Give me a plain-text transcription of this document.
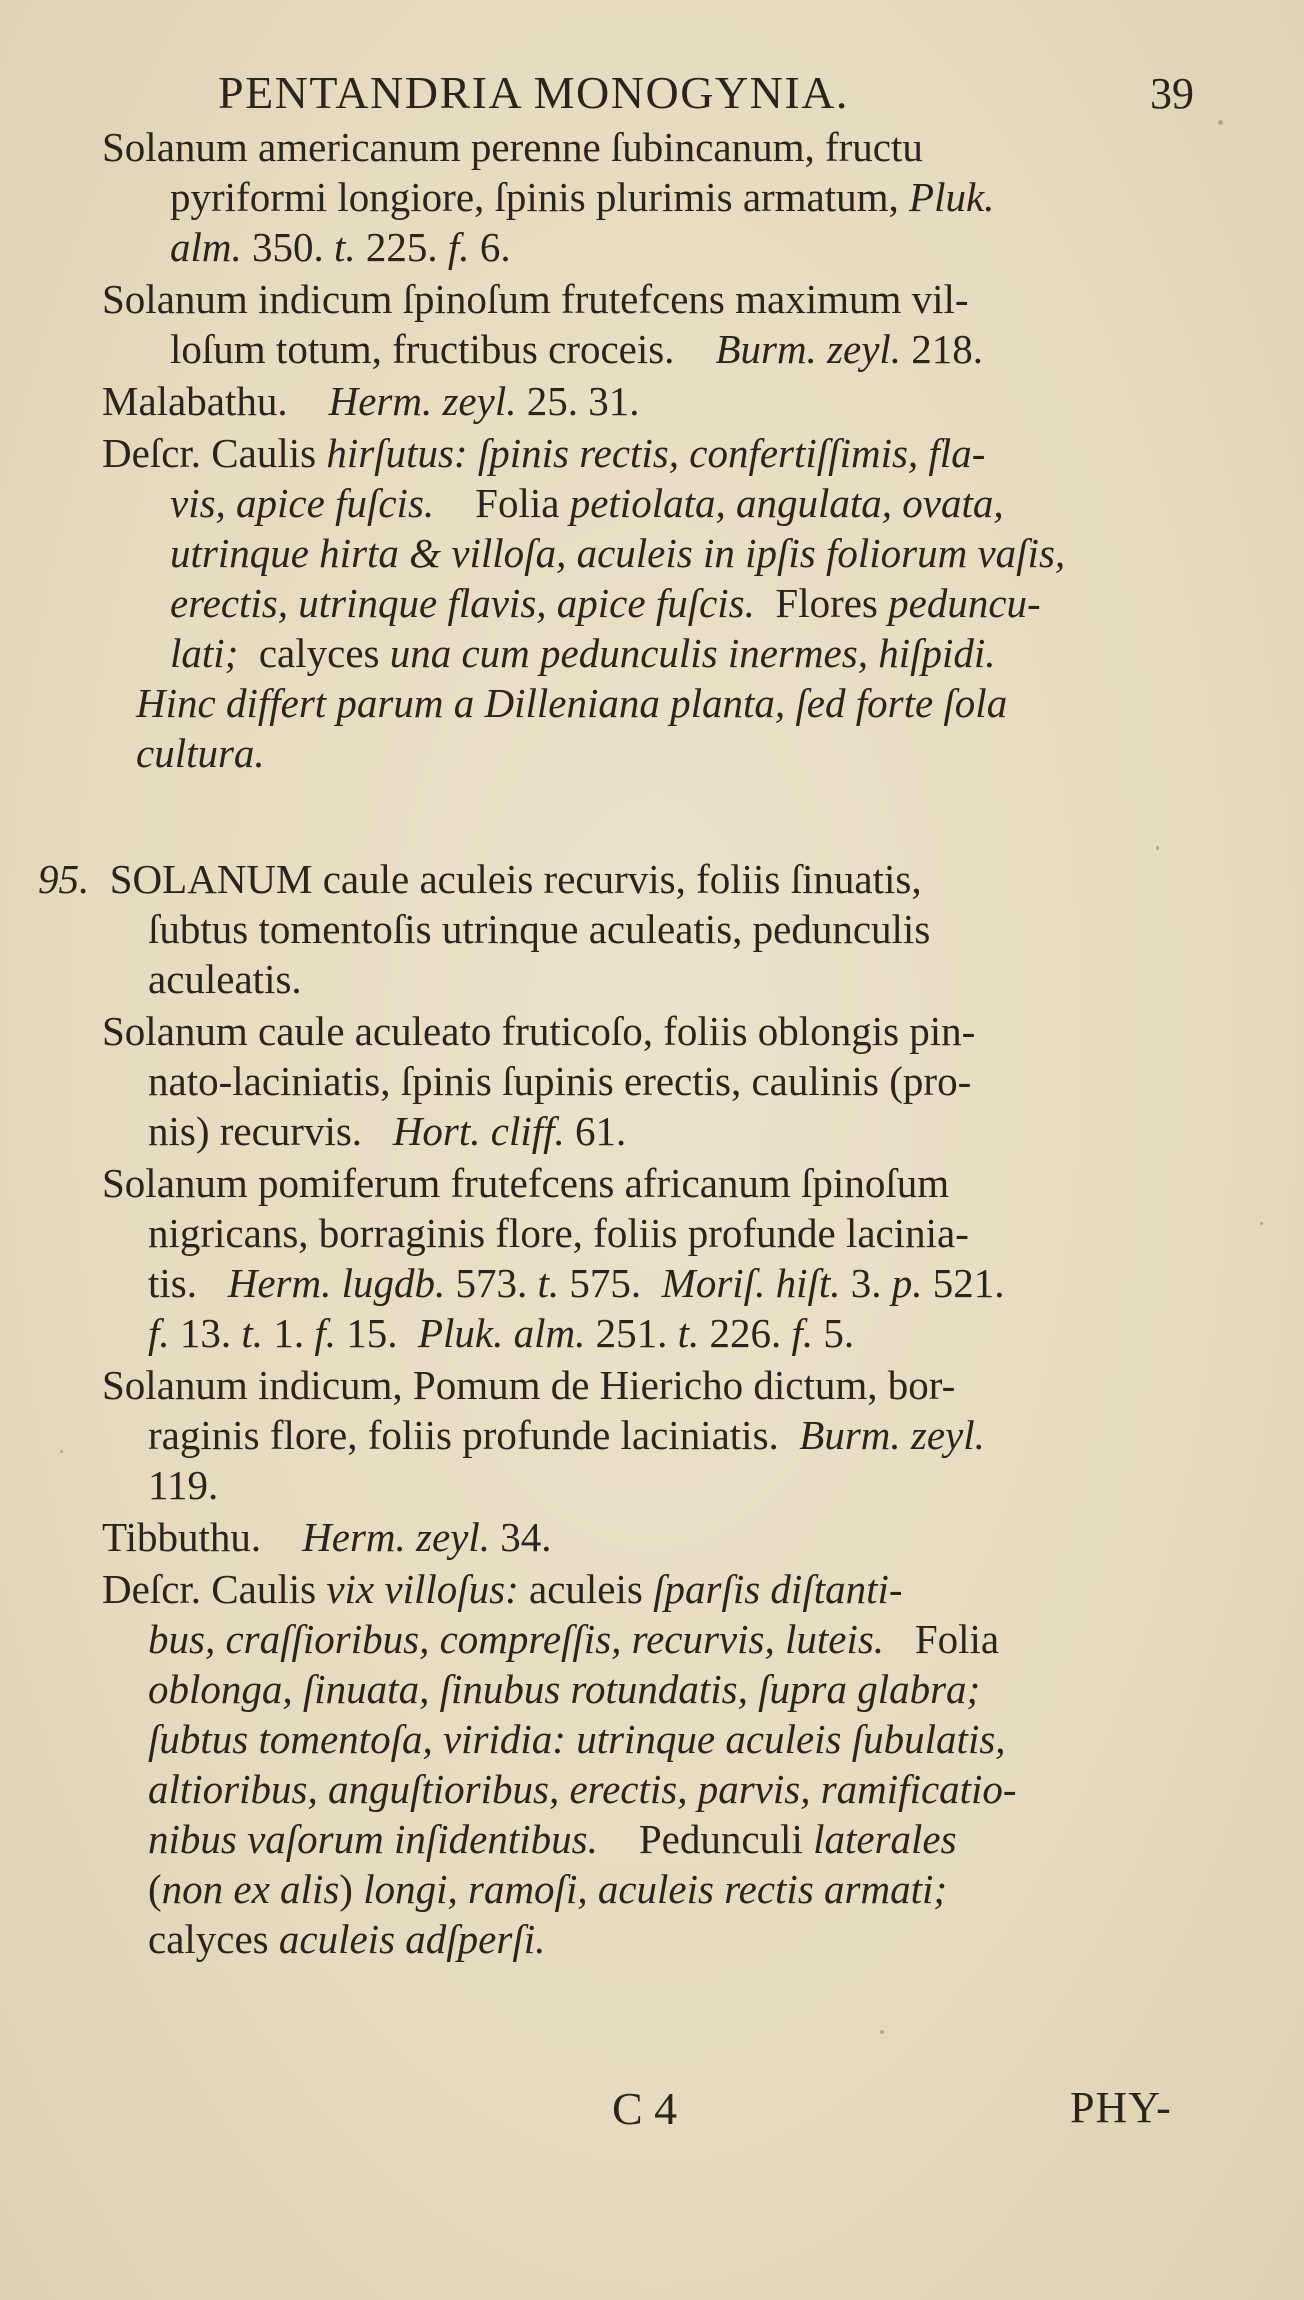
PENTANDRIA MONOGYNIA.	39
Solanum americanum perenne ſubincanum, fructu
pyriformi longiore, ſpinis plurimis armatum, Pluk.
alm. 350. t. 225. f. 6.
Solanum indicum ſpinoſum frutefcens maximum vil-
loſum totum, fructibus croceis.    Burm. zeyl. 218.
Malabathu.    Herm. zeyl. 25. 31.
Deſcr. Caulis hirſutus: ſpinis rectis, confertiſſimis, fla-
vis, apice fuſcis.    Folia petiolata, angulata, ovata,
utrinque hirta & villoſa, aculeis in ipſis foliorum vaſis,
erectis, utrinque flavis, apice fuſcis.  Flores peduncu-
lati;  calyces una cum pedunculis inermes, hiſpidi.
Hinc differt parum a Dilleniana planta, ſed forte ſola
cultura.
95.  SOLANUM caule aculeis recurvis, foliis ſinuatis,
ſubtus tomentoſis utrinque aculeatis, pedunculis
aculeatis.
Solanum caule aculeato fruticoſo, foliis oblongis pin-
nato-laciniatis, ſpinis ſupinis erectis, caulinis (pro-
nis) recurvis.   Hort. cliff. 61.
Solanum pomiferum frutefcens africanum ſpinoſum
nigricans, borraginis flore, foliis profunde lacinia-
tis.   Herm. lugdb. 573. t. 575.  Moriſ. hiſt. 3. p. 521.
f. 13. t. 1. f. 15.  Pluk. alm. 251. t. 226. f. 5.
Solanum indicum, Pomum de Hiericho dictum, bor-
raginis flore, foliis profunde laciniatis.  Burm. zeyl.
119.
Tibbuthu.    Herm. zeyl. 34.
Deſcr. Caulis vix villoſus: aculeis ſparſis diſtanti-
bus, craſſioribus, compreſſis, recurvis, luteis.   Folia
oblonga, ſinuata, ſinubus rotundatis, ſupra glabra;
ſubtus tomentoſa, viridia: utrinque aculeis ſubulatis,
altioribus, anguſtioribus, erectis, parvis, ramificatio-
nibus vaſorum inſidentibus.    Pedunculi laterales
(non ex alis) longi, ramoſi, aculeis rectis armati;
calyces aculeis adſperſi.
C 4	PHY-
